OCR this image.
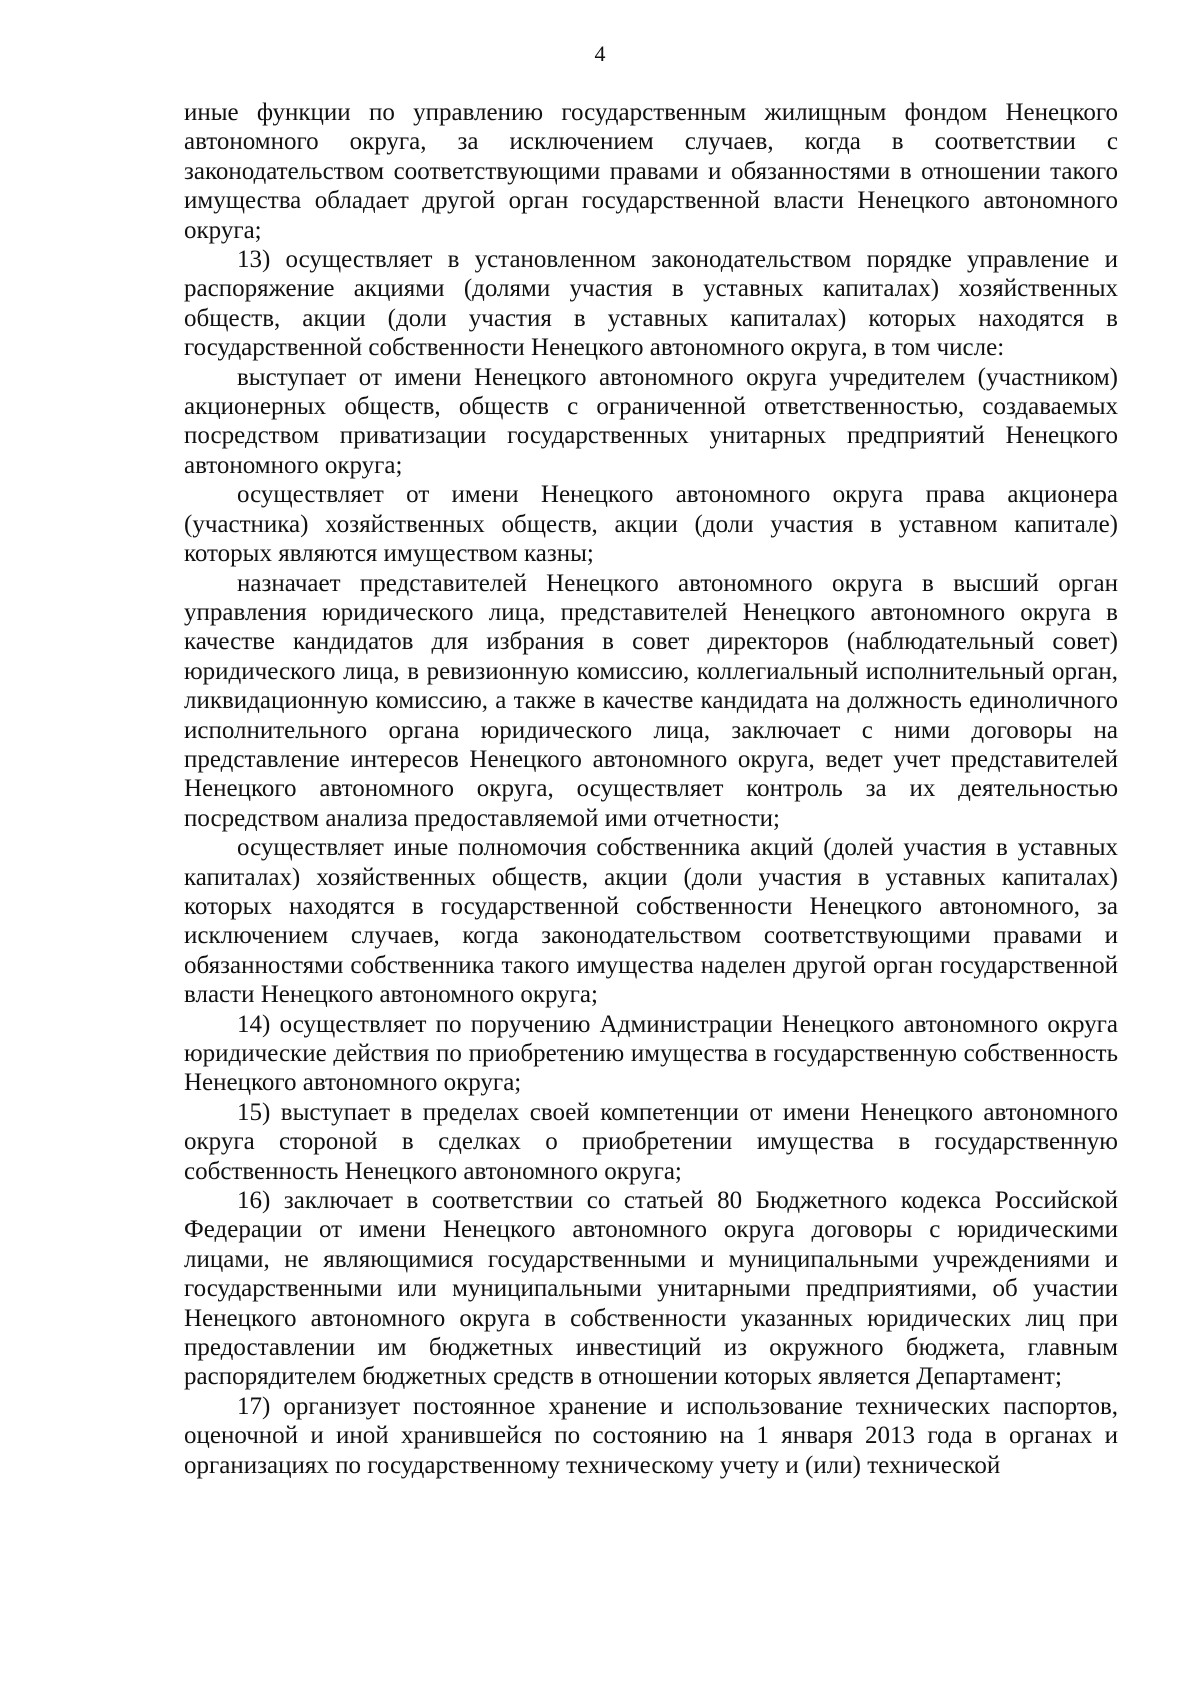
4

иные функции по управлению государственным жилищным фондом Ненецкого автономного округа, за исключением случаев, когда в соответствии с законодательством соответствующими правами и обязанностями в отношении такого имущества обладает другой орган государственной власти Ненецкого автономного округа;

13) осуществляет в установленном законодательством порядке управление и распоряжение акциями (долями участия в уставных капиталах) хозяйственных обществ, акции (доли участия в уставных капиталах) которых находятся в государственной собственности Ненецкого автономного округа, в том числе:

выступает от имени Ненецкого автономного округа учредителем (участником) акционерных обществ, обществ с ограниченной ответственностью, создаваемых посредством приватизации государственных унитарных предприятий Ненецкого автономного округа;

осуществляет от имени Ненецкого автономного округа права акционера (участника) хозяйственных обществ, акции (доли участия в уставном капитале) которых являются имуществом казны;

назначает представителей Ненецкого автономного округа в высший орган управления юридического лица, представителей Ненецкого автономного округа в качестве кандидатов для избрания в совет директоров (наблюдательный совет) юридического лица, в ревизионную комиссию, коллегиальный исполнительный орган, ликвидационную комиссию, а также в качестве кандидата на должность единоличного исполнительного органа юридического лица, заключает с ними договоры на представление интересов Ненецкого автономного округа, ведет учет представителей Ненецкого автономного округа, осуществляет контроль за их деятельностью посредством анализа предоставляемой ими отчетности;

осуществляет иные полномочия собственника акций (долей участия в уставных капиталах) хозяйственных обществ, акции (доли участия в уставных капиталах) которых находятся в государственной собственности Ненецкого автономного, за исключением случаев, когда законодательством соответствующими правами и обязанностями собственника такого имущества наделен другой орган государственной власти Ненецкого автономного округа;

14) осуществляет по поручению Администрации Ненецкого автономного округа юридические действия по приобретению имущества в государственную собственность Ненецкого автономного округа;

15) выступает в пределах своей компетенции от имени Ненецкого автономного округа стороной в сделках о приобретении имущества в государственную собственность Ненецкого автономного округа;

16) заключает в соответствии со статьей 80 Бюджетного кодекса Российской Федерации от имени Ненецкого автономного округа договоры с юридическими лицами, не являющимися государственными и муниципальными учреждениями и государственными или муниципальными унитарными предприятиями, об участии Ненецкого автономного округа в собственности указанных юридических лиц при предоставлении им бюджетных инвестиций из окружного бюджета, главным распорядителем бюджетных средств в отношении которых является Департамент;

17) организует постоянное хранение и использование технических паспортов, оценочной и иной хранившейся по состоянию на 1 января 2013 года в органах и организациях по государственному техническому учету и (или) технической
